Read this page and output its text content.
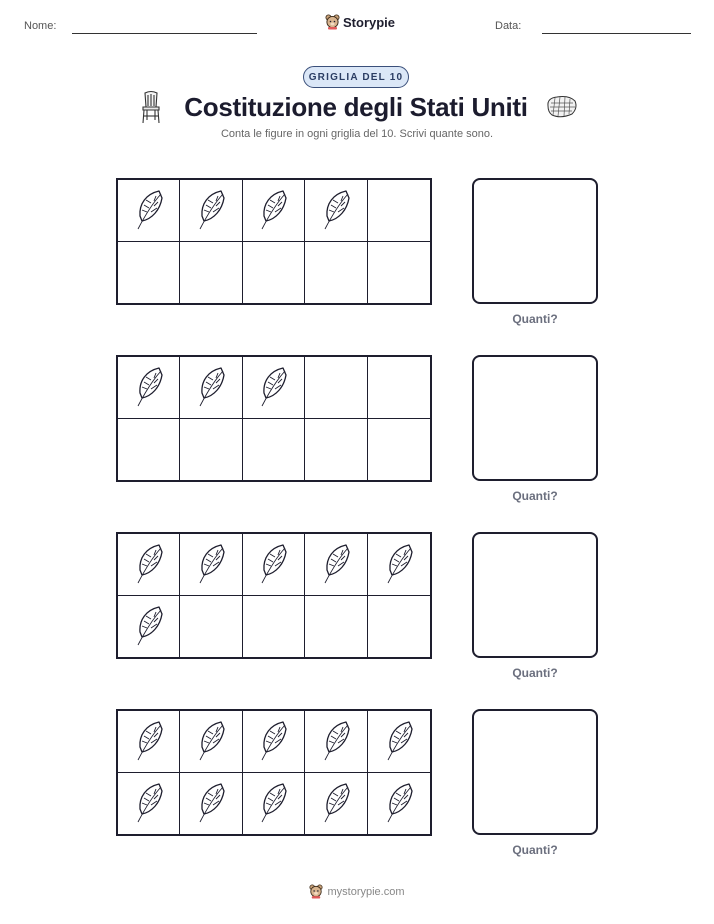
Nome:	Storypie	Data:
GRIGLIA DEL 10
Costituzione degli Stati Uniti
Conta le figure in ogni griglia del 10. Scrivi quante sono.
Quanti?
Quanti?
Quanti?
Quanti?
mystorypie.com
